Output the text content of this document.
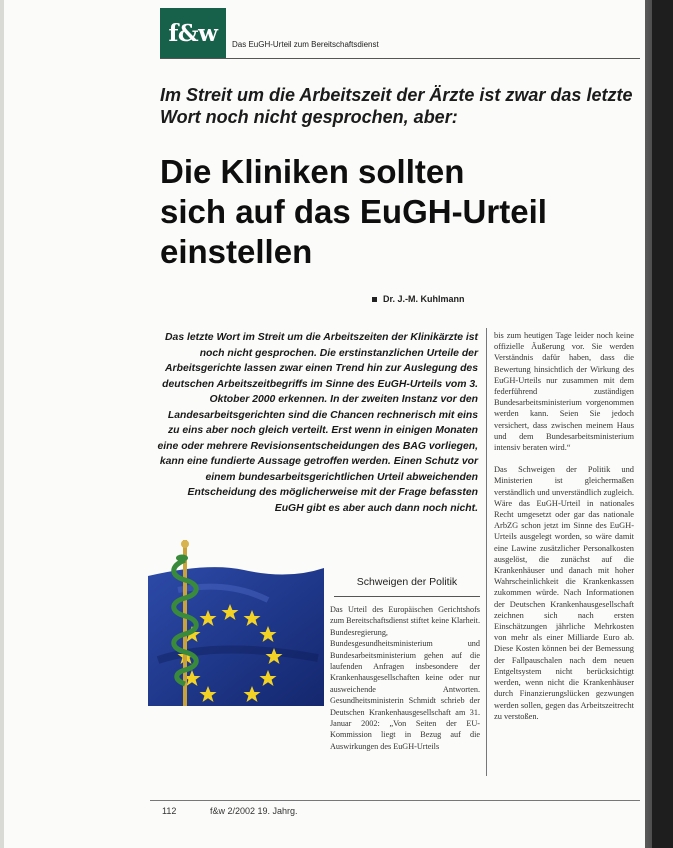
f&w Das EuGH-Urteil zum Bereitschaftsdienst
Im Streit um die Arbeitszeit der Ärzte ist zwar das letzte Wort noch nicht gesprochen, aber:
Die Kliniken sollten
sich auf das EuGH-Urteil
einstellen
Dr. J.-M. Kuhlmann

Das letzte Wort im Streit um die Arbeitszeiten der Klinikärzte ist noch nicht gesprochen. Die erstinstanzlichen Urteile der Arbeitsgerichte lassen zwar einen Trend hin zur Auslegung des deutschen Arbeitszeitbegriffs im Sinne des EuGH-Urteils vom 3. Oktober 2000 erkennen. In der zweiten Instanz vor den Landesarbeitsgerichten sind die Chancen rechnerisch mit eins zu eins aber noch gleich verteilt. Erst wenn in einigen Monaten eine oder mehrere Revisionsentscheidungen des BAG vorliegen, kann eine fundierte Aussage getroffen werden. Einen Schutz vor einem bundesarbeitsgerichtlichen Urteil abweichenden Entscheidung des möglicherweise mit der Frage befassten EuGH gibt es aber auch dann noch nicht.

bis zum heutigen Tage leider noch keine offizielle Äußerung vor. Sie werden Verständnis dafür haben, dass die Bewertung hinsichtlich der Wirkung des EuGH-Urteils nur zusammen mit dem federführend zuständigen Bundesarbeitsministerium vorgenommen werden kann. Seien Sie jedoch versichert, dass zwischen meinem Haus und dem Bundesarbeitsministerium intensiv beraten wird.“

Das Schweigen der Politik und Ministerien ist gleichermaßen verständlich und unverständlich zugleich. Wäre das EuGH-Urteil in nationales Recht umgesetzt oder gar das nationale ArbZG schon jetzt im Sinne des EuGH-Urteils ausgelegt worden, so wäre damit eine Lawine zusätzlicher Personalkosten ausgelöst, die zunächst auf die Krankenhäuser und danach mit hoher Wahrscheinlichkeit die Krankenkassen zukommen würde. Nach Informationen der Deutschen Krankenhausgesellschaft zeichnen sich nach ersten Einschätzungen jährliche Mehrkosten von mehr als einer Milliarde Euro ab. Diese Kosten können bei der Bemessung der Fallpauschalen nach dem neuen Entgeltsystem nicht berücksichtigt werden, wenn nicht die Krankenhäuser durch Finanzierungslücken gezwungen werden sollen, gegen das Arbeitszeitrecht zu verstoßen.

Schweigen der Politik

Das Urteil des Europäischen Gerichtshofs zum Bereitschaftsdienst stiftet keine Klarheit. Bundesregierung, Bundesgesundheitsministerium und Bundesarbeitsministerium gehen auf die laufenden Anfragen insbesondere der Krankenhausgesellschaften keine oder nur ausweichende Antworten. Gesundheitsministerin Schmidt schrieb der Deutschen Krankenhausgesellschaft am 31. Januar 2002: „Von Seiten der EU-Kommission liegt in Bezug auf die Auswirkungen des EuGH-Urteils

112	f&w 2/2002 19. Jahrg.
